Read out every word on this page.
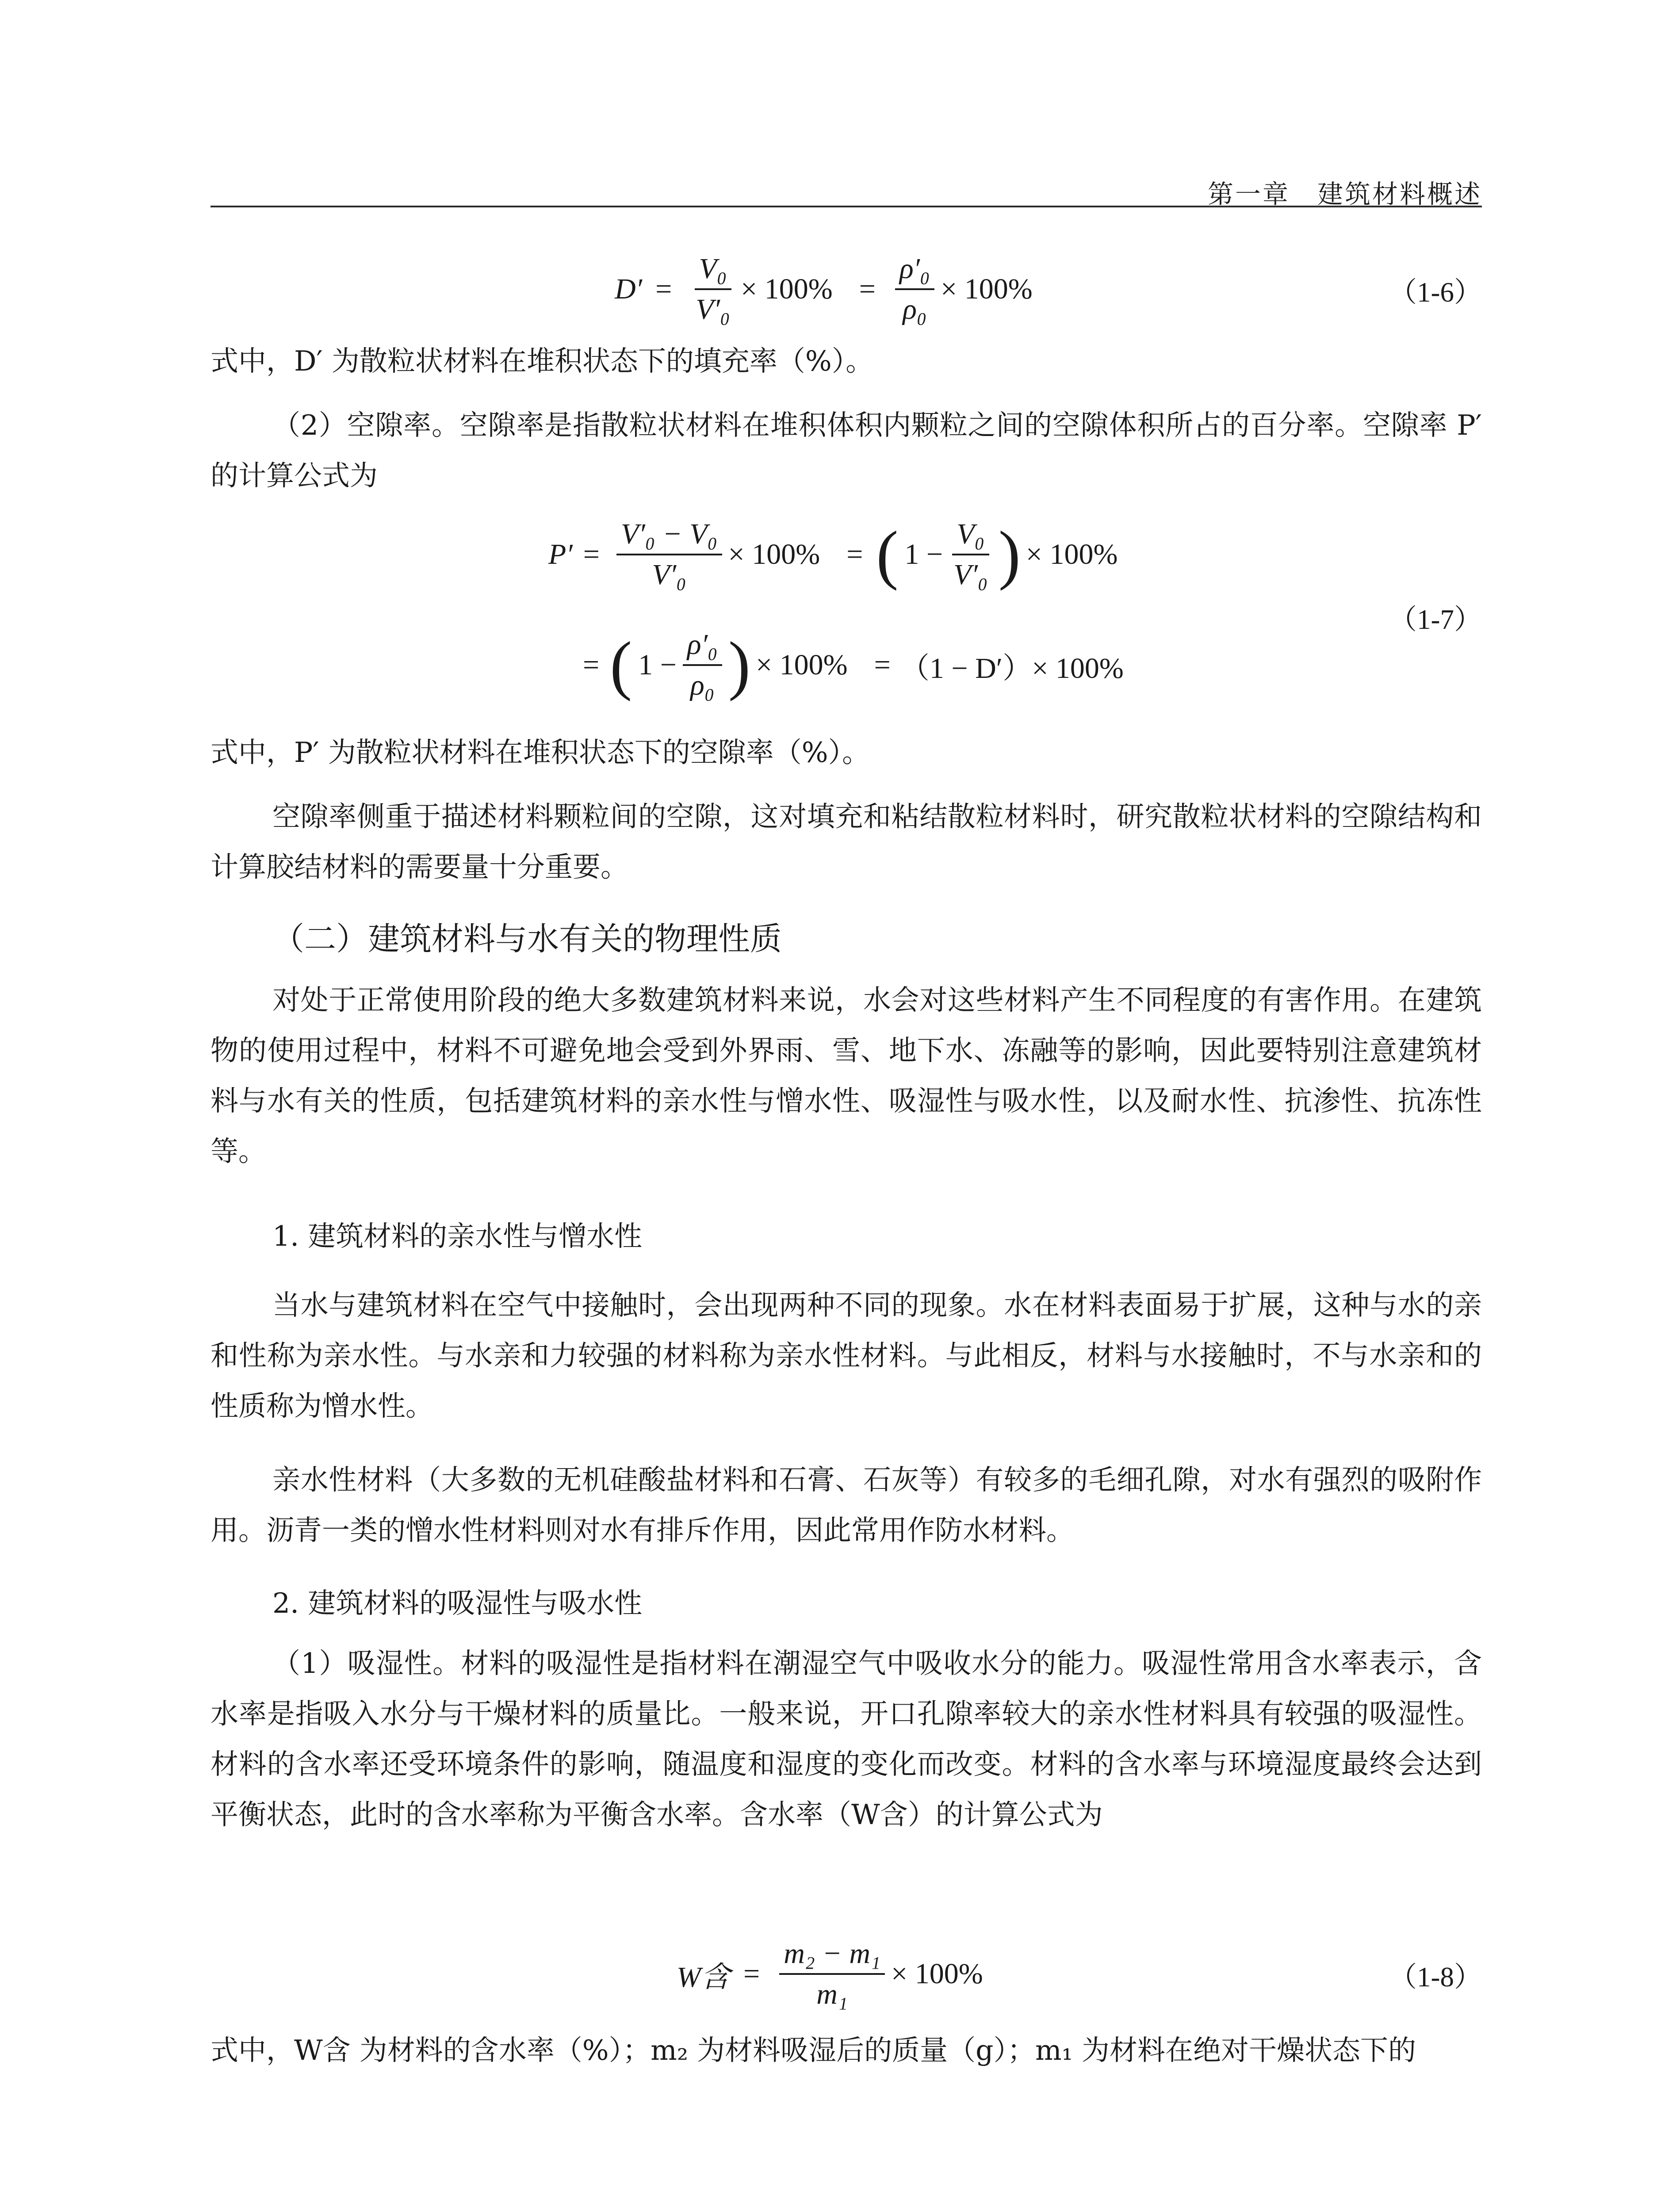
第一章　建筑材料概述
$D' = \frac{\text{V₀}}{\text{V′₀}} \times 100\% = \frac{\text{ρ′₀}}{\text{ρ₀}} \times 100\%$	（1-6）
式中，D′ 为散粒状材料在堆积状态下的填充率（%）。
（2）空隙率。空隙率是指散粒状材料在堆积体积内颗粒之间的空隙体积所占的百分率。空隙率 P′ 的计算公式为
$P' = \frac{\text{V′₀ − V₀}}{\text{V′₀}} \times 100\%$ = ( $1 - \frac{\text{V₀}}{\text{V′₀}}$ ) × 100%
= ( $1 - \frac{\text{ρ′₀}}{\text{ρ₀}}$ ) × 100% = （1 − D′）× 100%
（1-7）
式中，P′ 为散粒状材料在堆积状态下的空隙率（%）。
空隙率侧重于描述材料颗粒间的空隙，这对填充和粘结散粒材料时，研究散粒状材料的空隙结构和计算胶结材料的需要量十分重要。
（二）建筑材料与水有关的物理性质
对处于正常使用阶段的绝大多数建筑材料来说，水会对这些材料产生不同程度的有害作用。在建筑物的使用过程中，材料不可避免地会受到外界雨、雪、地下水、冻融等的影响，因此要特别注意建筑材料与水有关的性质，包括建筑材料的亲水性与憎水性、吸湿性与吸水性，以及耐水性、抗渗性、抗冻性等。
1. 建筑材料的亲水性与憎水性
当水与建筑材料在空气中接触时，会出现两种不同的现象。水在材料表面易于扩展，这种与水的亲和性称为亲水性。与水亲和力较强的材料称为亲水性材料。与此相反，材料与水接触时，不与水亲和的性质称为憎水性。
亲水性材料（大多数的无机硅酸盐材料和石膏、石灰等）有较多的毛细孔隙，对水有强烈的吸附作用。沥青一类的憎水性材料则对水有排斥作用，因此常用作防水材料。
2. 建筑材料的吸湿性与吸水性
（1）吸湿性。材料的吸湿性是指材料在潮湿空气中吸收水分的能力。吸湿性常用含水率表示，含水率是指吸入水分与干燥材料的质量比。一般来说，开口孔隙率较大的亲水性材料具有较强的吸湿性。材料的含水率还受环境条件的影响，随温度和湿度的变化而改变。材料的含水率与环境湿度最终会达到平衡状态，此时的含水率称为平衡含水率。含水率（W含）的计算公式为
W含 = $\frac{\text{m₂ − m₁}}{\text{m₁}} \times 100\%$	（1-8）
式中，W含 为材料的含水率（%）；m₂ 为材料吸湿后的质量（g）；m₁ 为材料在绝对干燥状态下的
